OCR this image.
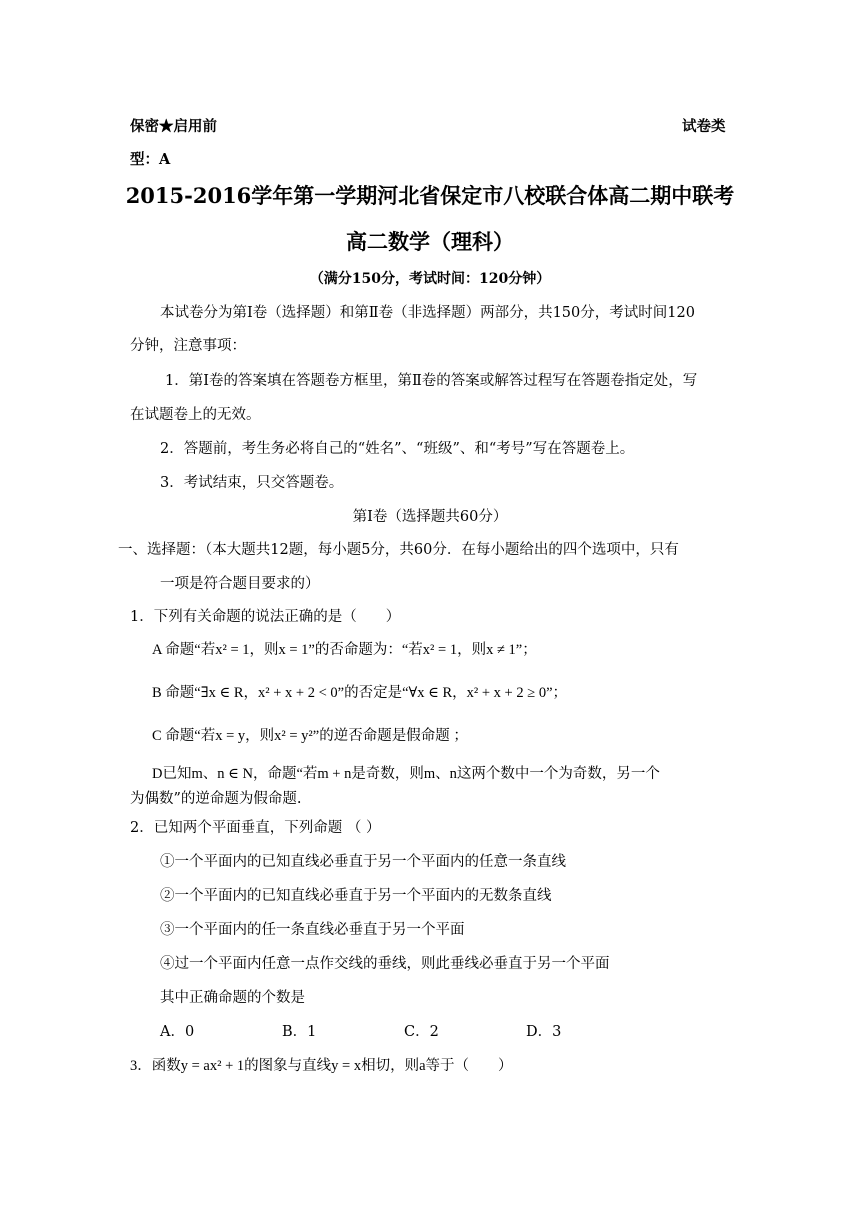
保密★启用前	试卷类
型：A
2015-2016学年第一学期河北省保定市八校联合体高二期中联考
高二数学（理科）
（满分150分，考试时间：120分钟）
本试卷分为第Ⅰ卷（选择题）和第Ⅱ卷（非选择题）两部分，共150分，考试时间120
分钟，注意事项：
1．第Ⅰ卷的答案填在答题卷方框里，第Ⅱ卷的答案或解答过程写在答题卷指定处，写
在试题卷上的无效。
2．答题前，考生务必将自己的“姓名”、“班级”、和“考号”写在答题卷上。
3．考试结束，只交答题卷。
第Ⅰ卷（选择题共60分）
一、选择题：（本大题共12题，每小题5分，共60分．在每小题给出的四个选项中，只有
一项是符合题目要求的）
1．下列有关命题的说法正确的是（　　）
A 命题“若x² = 1，则x = 1”的否命题为：“若x² = 1，则x ≠ 1”；
B 命题“∃x ∈ R，x² + x + 2 < 0”的否定是“∀x ∈ R，x² + x + 2 ≥ 0”；
C 命题“若x = y，则x² = y²”的逆否命题是假命题 ；
D已知m、n ∈ N，命题“若m + n是奇数，则m、n这两个数中一个为奇数，另一个
为偶数”的逆命题为假命题.
2．已知两个平面垂直，下列命题 （ ）
①一个平面内的已知直线必垂直于另一个平面内的任意一条直线
②一个平面内的已知直线必垂直于另一个平面内的无数条直线
③一个平面内的任一条直线必垂直于另一个平面
④过一个平面内任意一点作交线的垂线，则此垂线必垂直于另一个平面
其中正确命题的个数是
A．0	B．1	C．2	D．3
3．函数y = ax² + 1的图象与直线y = x相切，则a等于（　　）
